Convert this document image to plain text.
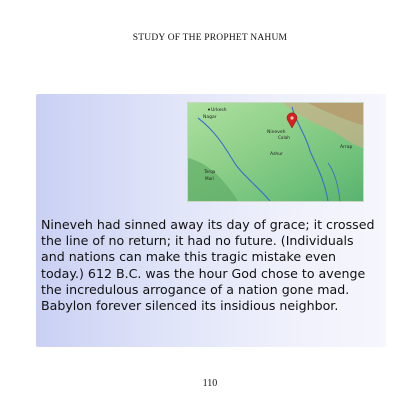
STUDY OF THE PROPHET NAHUM
Urkesh
Nagar
Nineveh
Calah
Ashur
Arrap
Terqa
Mari

Nineveh had sinned away its day of grace; it crossed the line of no return; it had no future. (Individuals and nations can make this tragic mistake even today.) 612 B.C. was the hour God chose to avenge the incredulous arrogance of a nation gone mad. Babylon forever silenced its insidious neighbor.

110
